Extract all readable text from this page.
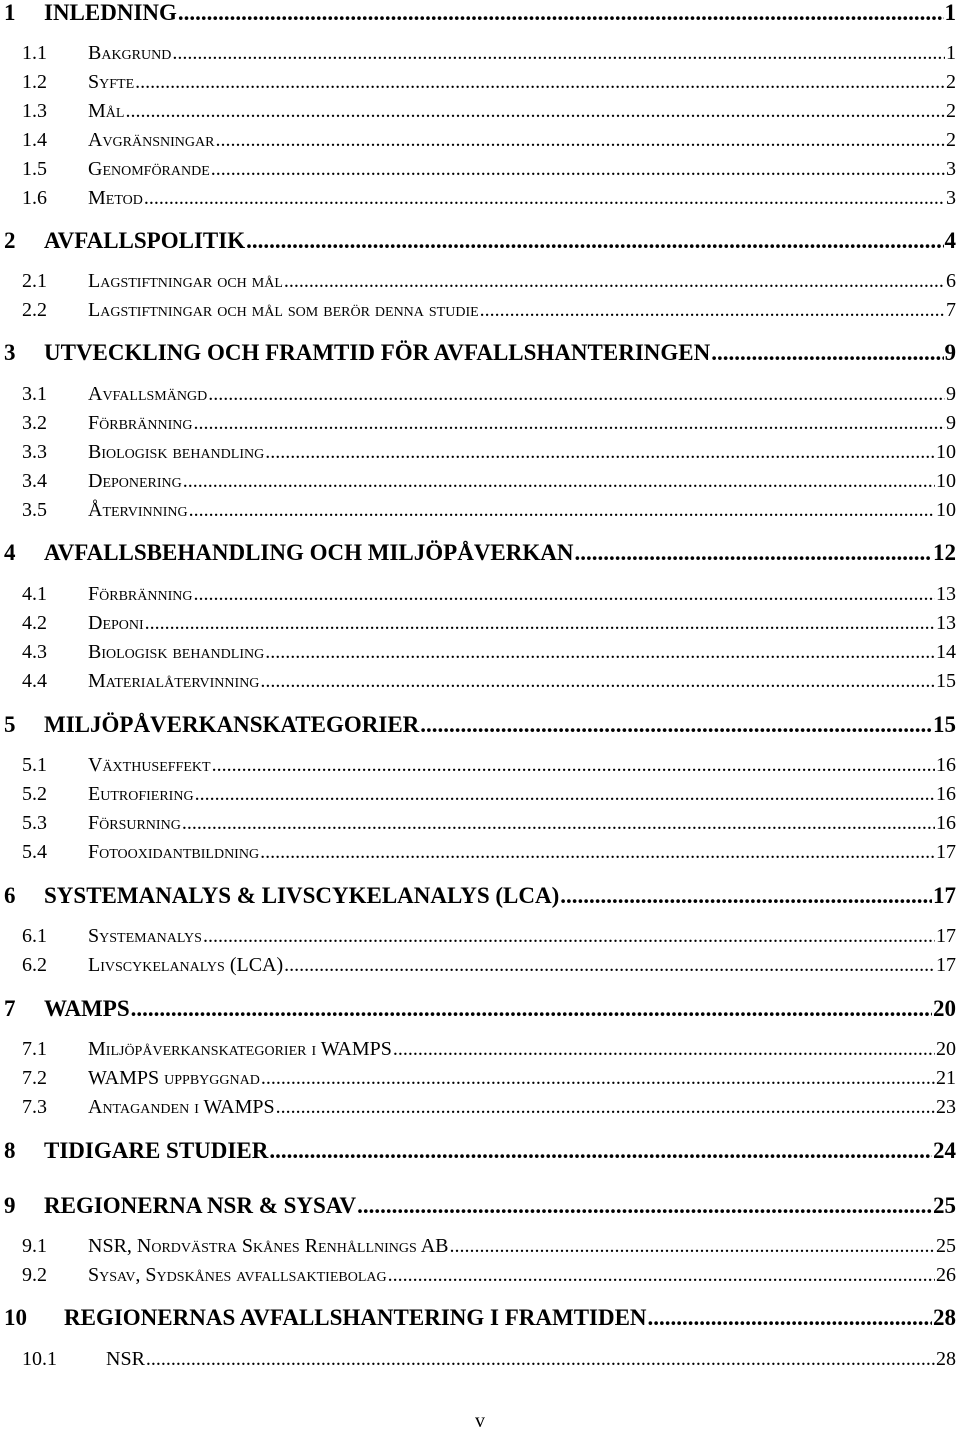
1	INLEDNING .....	1
1.1	Bakgrund .....	1
1.2	Syfte .....	2
1.3	Mål .....	2
1.4	Avgränsningar .....	2
1.5	Genomförande .....	3
1.6	Metod .....	3
2	AVFALLSPOLITIK .....	4
2.1	Lagstiftningar och mål .....	6
2.2	Lagstiftningar och mål som berör denna studie .....	7
3	UTVECKLING OCH FRAMTID FÖR AVFALLSHANTERINGEN .....	9
3.1	Avfallsmängd .....	9
3.2	Förbränning .....	9
3.3	Biologisk behandling .....	10
3.4	Deponering .....	10
3.5	Återvinning .....	10
4	AVFALLSBEHANDLING OCH MILJÖPÅVERKAN .....	12
4.1	Förbränning .....	13
4.2	Deponi .....	13
4.3	Biologisk behandling .....	14
4.4	Materialåtervinning .....	15
5	MILJÖPÅVERKANSKATEGORIER .....	15
5.1	Växthuseffekt .....	16
5.2	Eutrofiering .....	16
5.3	Försurning .....	16
5.4	Fotooxidantbildning .....	17
6	SYSTEMANALYS & LIVSCYKELANALYS (LCA) .....	17
6.1	Systemanalys .....	17
6.2	Livscykelanalys (LCA) .....	17
7	WAMPS .....	20
7.1	Miljöpåverkanskategorier i WAMPS .....	20
7.2	WAMPS uppbyggnad .....	21
7.3	Antaganden i WAMPS .....	23
8	TIDIGARE STUDIER .....	24
9	REGIONERNA NSR & SYSAV .....	25
9.1	NSR, Nordvästra Skånes Renhållnings AB .....	25
9.2	Sysav, Sydskånes avfallsaktiebolag .....	26
10	REGIONERNAS AVFALLSHANTERING I FRAMTIDEN .....	28
10.1	NSR .....	28
v
